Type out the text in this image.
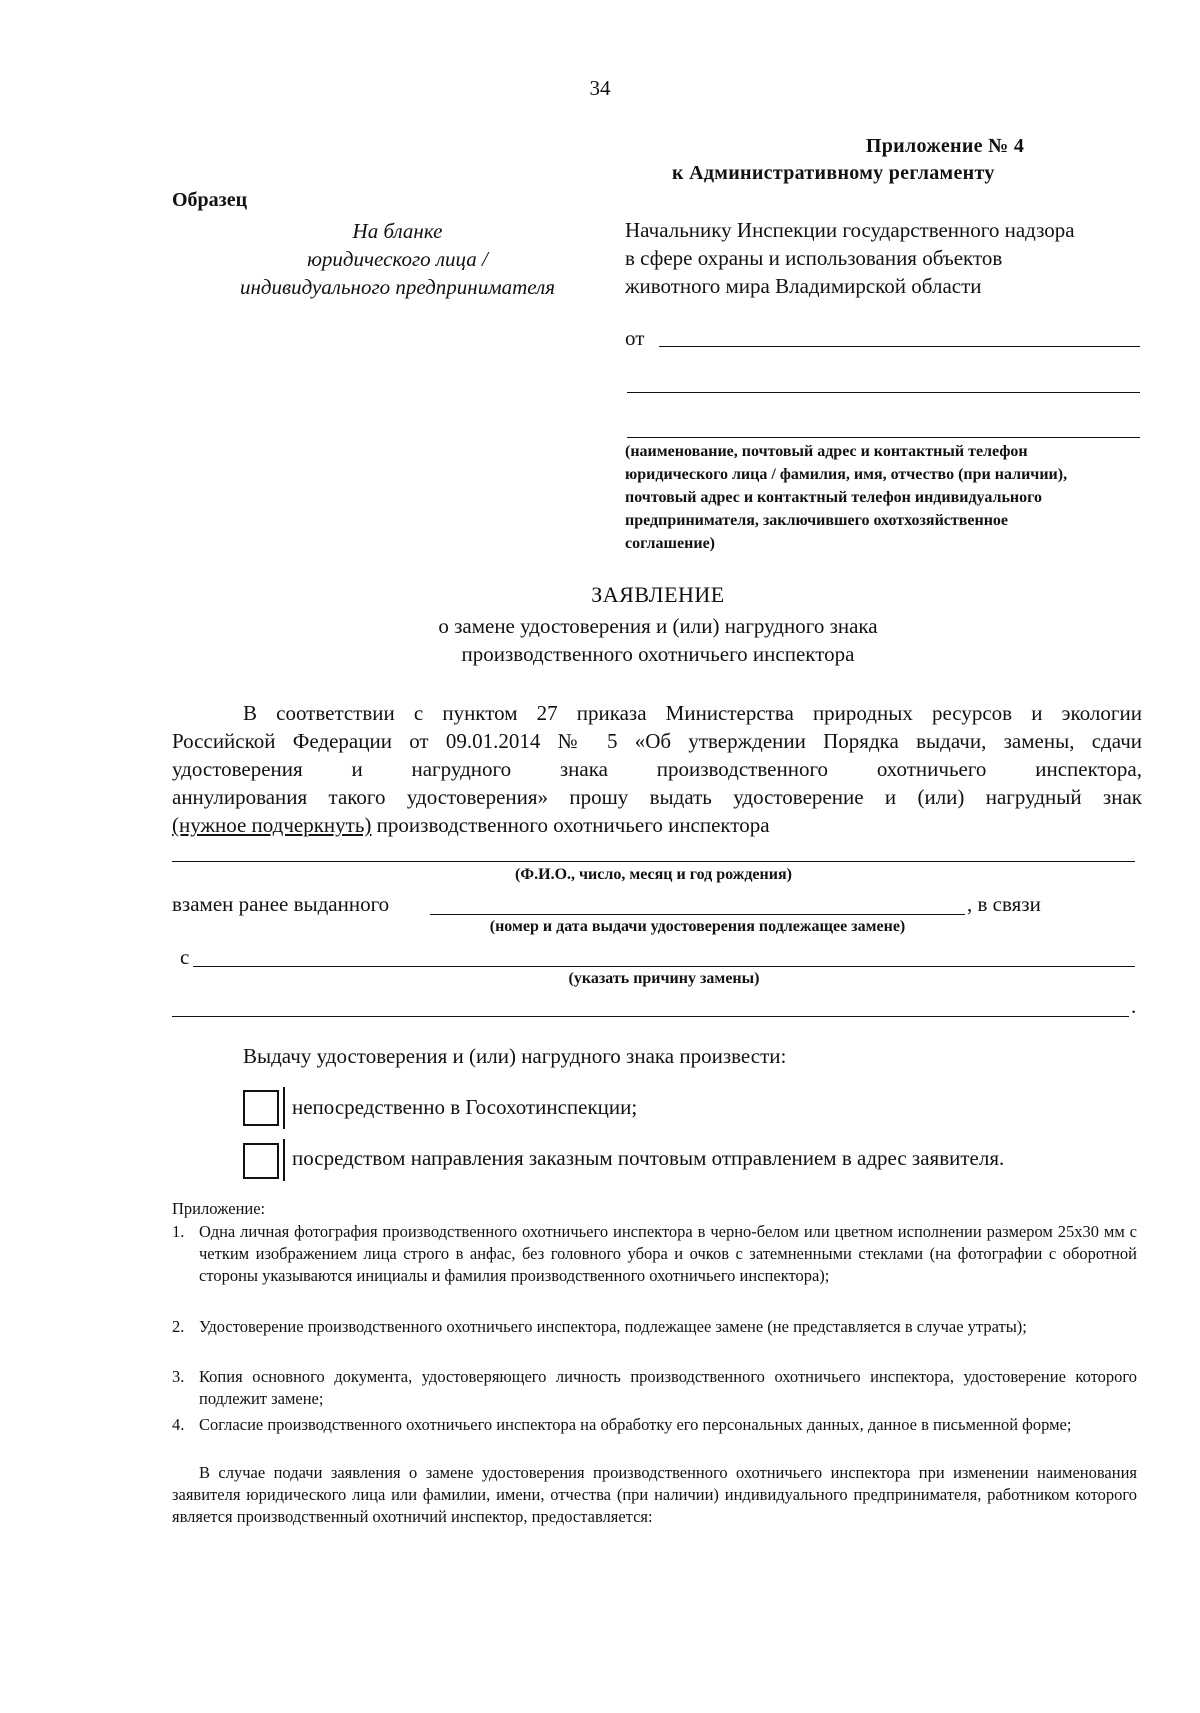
34
Приложение № 4
к Административному регламенту
Образец
На бланке
юридического лица /
индивидуального предпринимателя
Начальнику Инспекции государственного надзора
в сфере охраны и использования объектов
животного мира Владимирской области
от
(наименование, почтовый адрес и контактный телефон
юридического лица / фамилия, имя, отчество (при наличии),
почтовый адрес и контактный телефон индивидуального
предпринимателя, заключившего охотхозяйственное
соглашение)
ЗАЯВЛЕНИЕ
о замене удостоверения и (или) нагрудного знака
производственного охотничьего инспектора
В соответствии с пунктом 27 приказа Министерства природных ресурсов и экологии
Российской Федерации от 09.01.2014 № 5 «Об утверждении Порядка выдачи, замены, сдачи
удостоверения и нагрудного знака производственного охотничьего инспектора,
аннулирования такого удостоверения» прошу выдать удостоверение и (или) нагрудный знак
(нужное подчеркнуть) производственного охотничьего инспектора
(Ф.И.О., число, месяц и год рождения)
взамен ранее выданного	, в связи
(номер и дата выдачи удостоверения подлежащее замене)
с
(указать причину замены)
.
Выдачу удостоверения и (или) нагрудного знака произвести:
непосредственно в Госохотинспекции;
посредством направления заказным почтовым отправлением в адрес заявителя.
Приложение:
1. Одна личная фотография производственного охотничьего инспектора в черно-белом или цветном исполнении размером 25x30 мм с четким изображением лица строго в анфас, без головного убора и очков с затемненными стеклами (на фотографии с оборотной стороны указываются инициалы и фамилия производственного охотничьего инспектора);
2. Удостоверение производственного охотничьего инспектора, подлежащее замене (не представляется в случае утраты);
3. Копия основного документа, удостоверяющего личность производственного охотничьего инспектора, удостоверение которого подлежит замене;
4. Согласие производственного охотничьего инспектора на обработку его персональных данных, данное в письменной форме;
В случае подачи заявления о замене удостоверения производственного охотничьего инспектора при изменении наименования заявителя юридического лица или фамилии, имени, отчества (при наличии) индивидуального предпринимателя, работником которого является производственный охотничий инспектор, предоставляется:
